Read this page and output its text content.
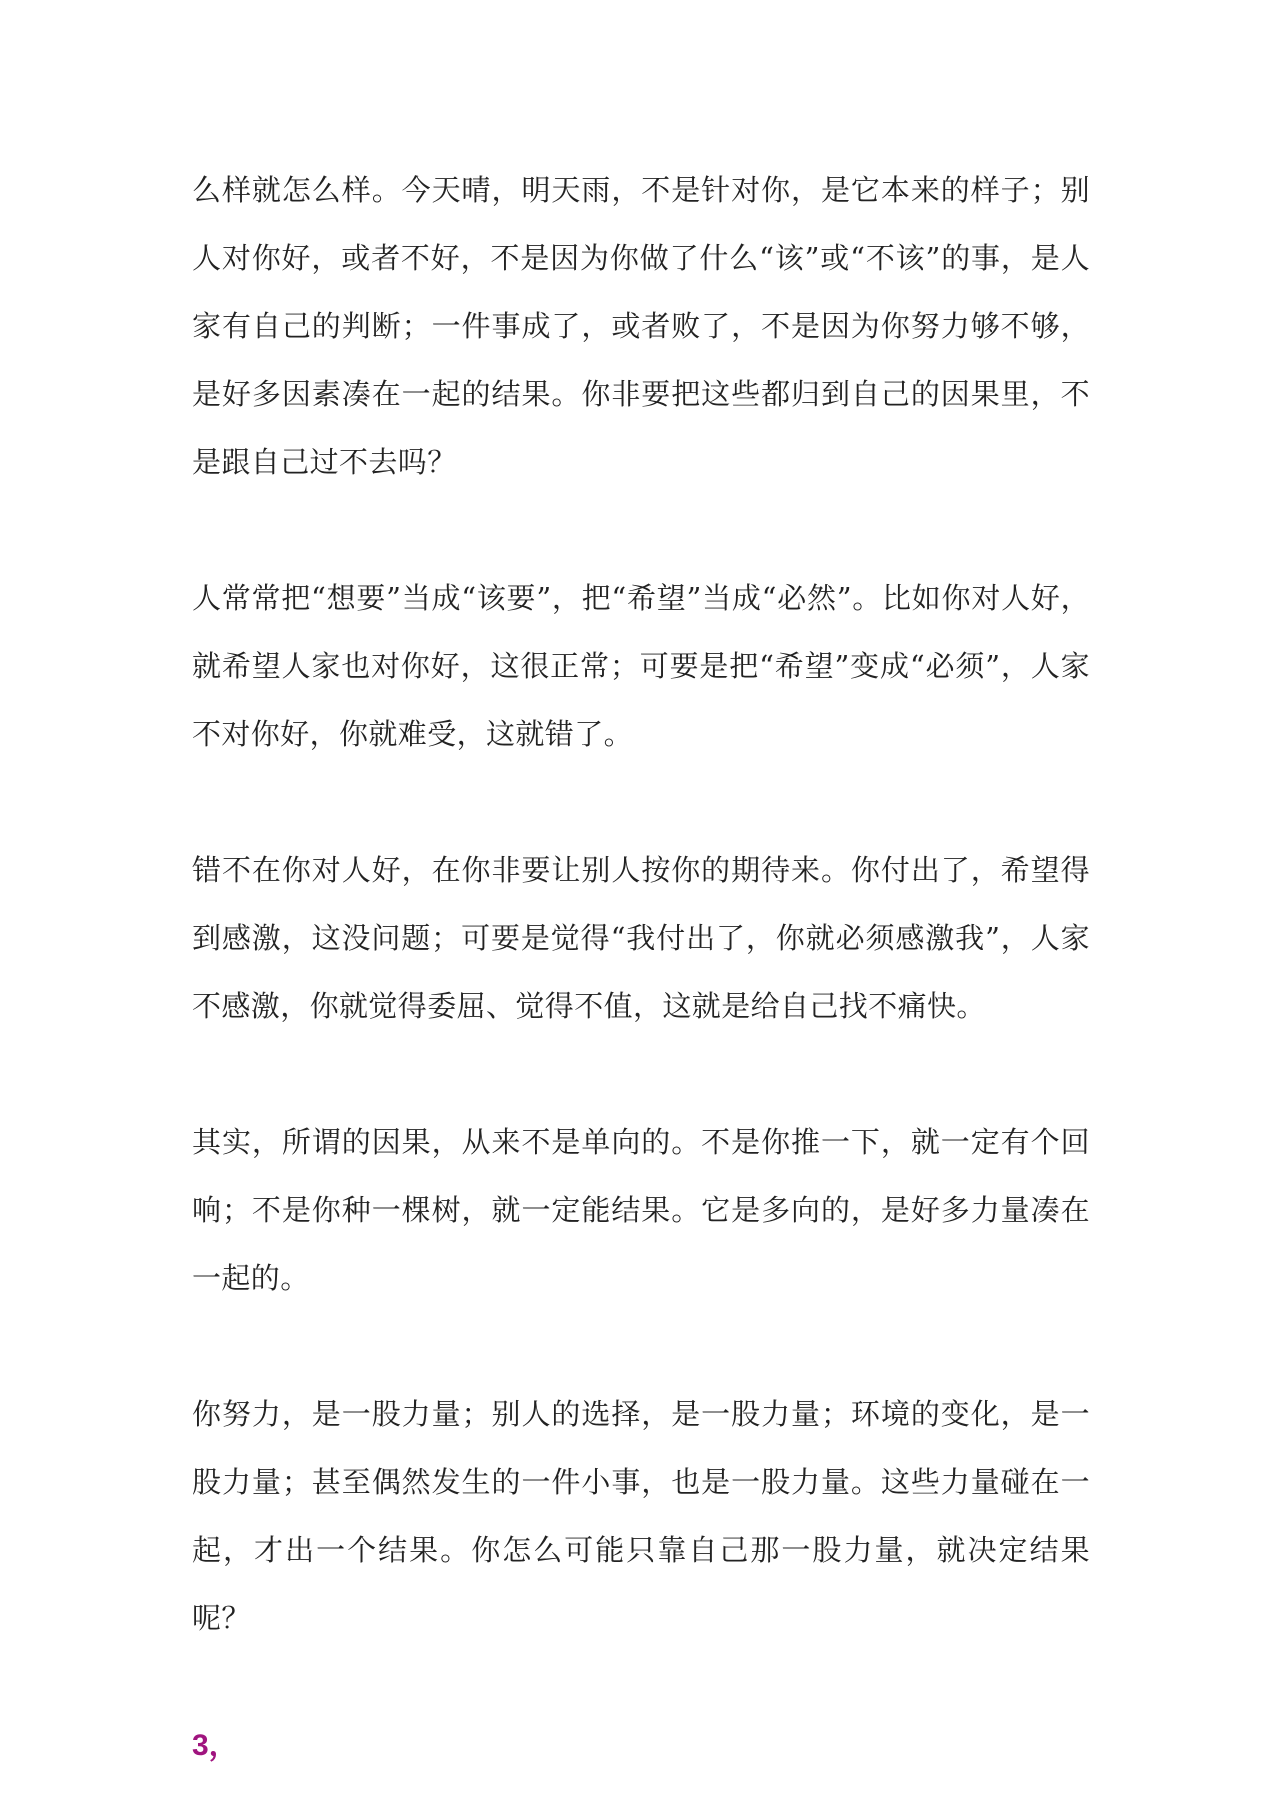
么样就怎么样。今天晴，明天雨，不是针对你，是它本来的样子；别人对你好，或者不好，不是因为你做了什么“该”或“不该”的事，是人家有自己的判断；一件事成了，或者败了，不是因为你努力够不够，是好多因素凑在一起的结果。你非要把这些都归到自己的因果里，不是跟自己过不去吗？

人常常把“想要”当成“该要”，把“希望”当成“必然”。比如你对人好，就希望人家也对你好，这很正常；可要是把“希望”变成“必须”，人家不对你好，你就难受，这就错了。

错不在你对人好，在你非要让别人按你的期待来。你付出了，希望得到感激，这没问题；可要是觉得“我付出了，你就必须感激我”，人家不感激，你就觉得委屈、觉得不值，这就是给自己找不痛快。

其实，所谓的因果，从来不是单向的。不是你推一下，就一定有个回响；不是你种一棵树，就一定能结果。它是多向的，是好多力量凑在一起的。

你努力，是一股力量；别人的选择，是一股力量；环境的变化，是一股力量；甚至偶然发生的一件小事，也是一股力量。这些力量碰在一起，才出一个结果。你怎么可能只靠自己那一股力量，就决定结果呢？

3，
